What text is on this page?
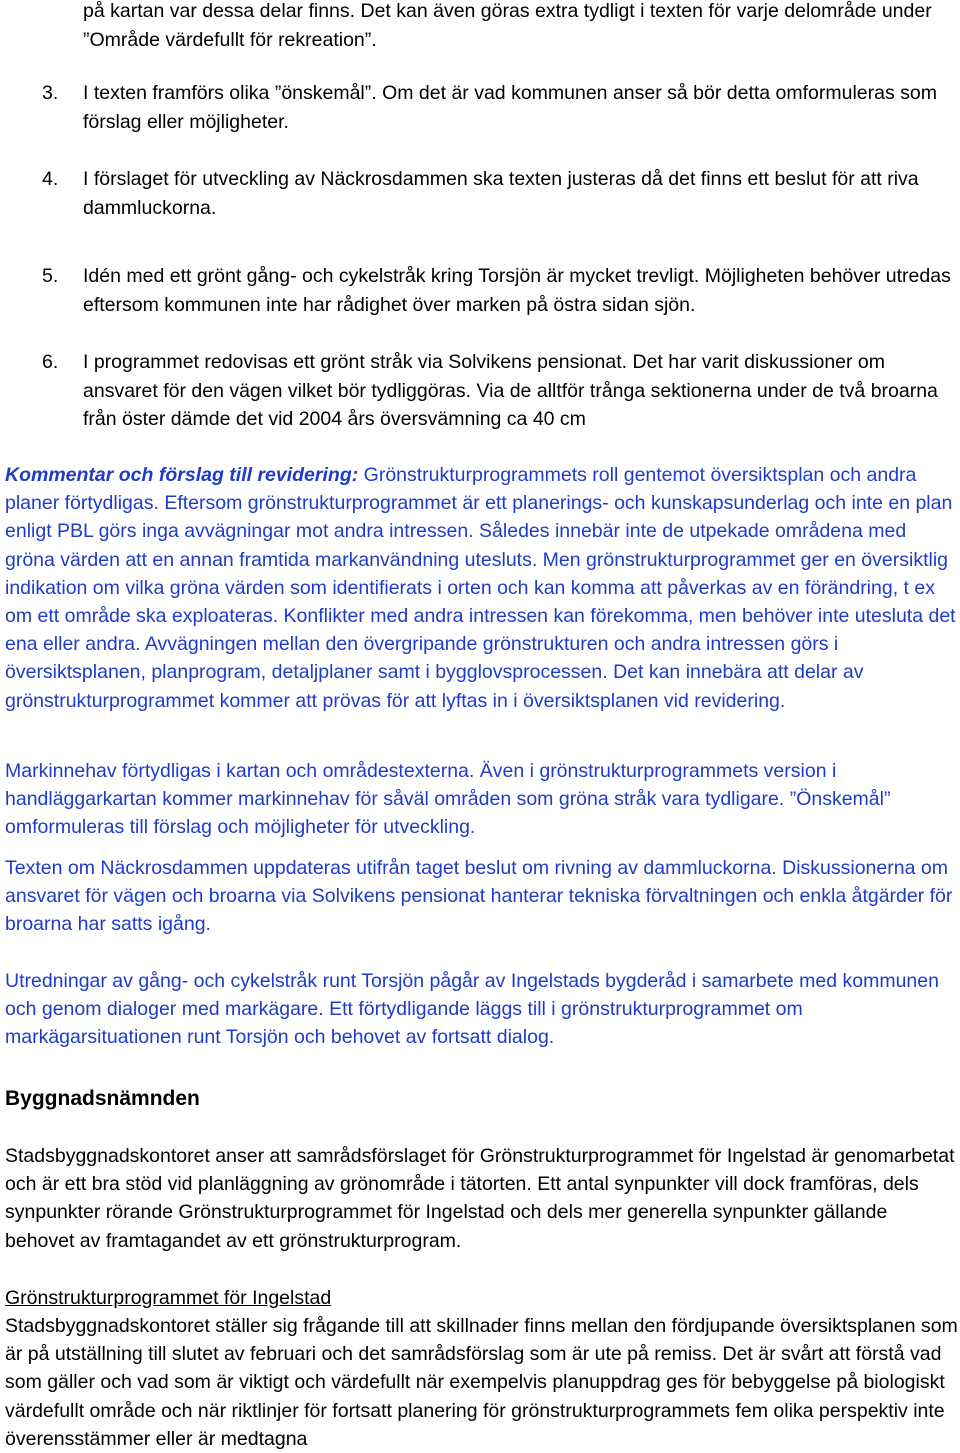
på kartan var dessa delar finns. Det kan även göras extra tydligt i texten för varje delområde under ”Område värdefullt för rekreation”.
3. I texten framförs olika ”önskemål”. Om det är vad kommunen anser så bör detta omformuleras som förslag eller möjligheter.
4. I förslaget för utveckling av Näckrosdammen ska texten justeras då det finns ett beslut för att riva dammluckorna.
5. Idén med ett grönt gång- och cykelstråk kring Torsjön är mycket trevligt. Möjligheten behöver utredas eftersom kommunen inte har rådighet över marken på östra sidan sjön.
6. I programmet redovisas ett grönt stråk via Solvikens pensionat. Det har varit diskussioner om ansvaret för den vägen vilket bör tydliggöras. Via de alltför trånga sektionerna under de två broarna från öster dämde det vid 2004 års översvämning ca 40 cm
Kommentar och förslag till revidering: Grönstrukturprogrammets roll gentemot översiktsplan och andra planer förtydligas. Eftersom grönstrukturprogrammet är ett planerings- och kunskapsunderlag och inte en plan enligt PBL görs inga avvägningar mot andra intressen. Således innebär inte de utpekade områdena med gröna värden att en annan framtida markanvändning utesluts. Men grönstrukturprogrammet ger en översiktlig indikation om vilka gröna värden som identifierats i orten och kan komma att påverkas av en förändring, t ex om ett område ska exploateras. Konflikter med andra intressen kan förekomma, men behöver inte utesluta det ena eller andra. Avvägningen mellan den övergripande grönstrukturen och andra intressen görs i översiktsplanen, planprogram, detaljplaner samt i bygglovsprocessen. Det kan innebära att delar av grönstrukturprogrammet kommer att prövas för att lyftas in i översiktsplanen vid revidering.
Markinnehav förtydligas i kartan och områdestexterna. Även i grönstrukturprogrammets version i handläggarkartan kommer markinnehav för såväl områden som gröna stråk vara tydligare. ”Önskemål” omformuleras till förslag och möjligheter för utveckling.
Texten om Näckrosdammen uppdateras utifrån taget beslut om rivning av dammluckorna. Diskussionerna om ansvaret för vägen och broarna via Solvikens pensionat hanterar tekniska förvaltningen och enkla åtgärder för broarna har satts igång.
Utredningar av gång- och cykelstråk runt Torsjön pågår av Ingelstads bygderåd i samarbete med kommunen och genom dialoger med markägare. Ett förtydligande läggs till i grönstrukturprogrammet om markägarsituationen runt Torsjön och behovet av fortsatt dialog.
Byggnadsnämnden
Stadsbyggnadskontoret anser att samrådsförslaget för Grönstrukturprogrammet för Ingelstad är genomarbetat och är ett bra stöd vid planläggning av grönområde i tätorten. Ett antal synpunkter vill dock framföras, dels synpunkter rörande Grönstrukturprogrammet för Ingelstad och dels mer generella synpunkter gällande behovet av framtagandet av ett grönstrukturprogram.
Grönstrukturprogrammet för Ingelstad
Stadsbyggnadskontoret ställer sig frågande till att skillnader finns mellan den fördjupande översiktsplanen som är på utställning till slutet av februari och det samrådsförslag som är ute på remiss. Det är svårt att förstå vad som gäller och vad som är viktigt och värdefullt när exempelvis planuppdrag ges för bebyggelse på biologiskt värdefullt område och när riktlinjer för fortsatt planering för grönstrukturprogrammets fem olika perspektiv inte överensstämmer eller är medtagna
